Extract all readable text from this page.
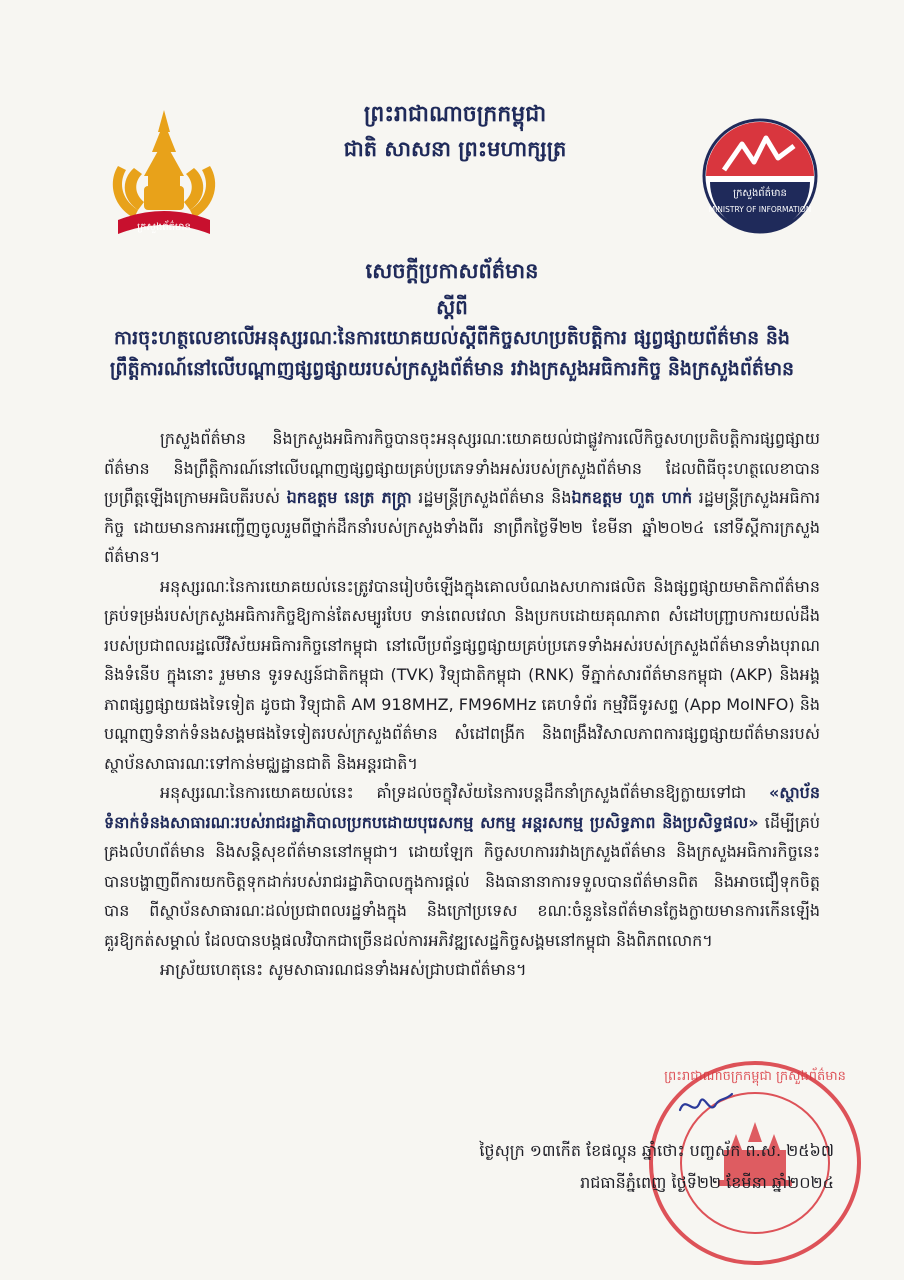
ក្រសួងព័ត៌មាន
ព្រះរាជាណាចក្រកម្ពុជា
ជាតិ សាសនា ព្រះមហាក្សត្រ
ក្រសួងព័ត៌មាន
MINISTRY OF INFORMATION
សេចក្តីប្រកាសព័ត៌មាន
ស្តីពី
ការចុះហត្ថលេខាលើអនុស្សរណៈនៃការយោគយល់ស្តីពីកិច្ចសហប្រតិបត្តិការ ផ្សព្វផ្សាយព័ត៌មាន និងព្រឹត្តិការណ៍នៅលើបណ្តាញផ្សព្វផ្សាយរបស់ក្រសួងព័ត៌មាន រវាងក្រសួងអធិការកិច្ច និងក្រសួងព័ត៌មាន

ក្រសួងព័ត៌មាន និងក្រសួងអធិការកិច្ចបានចុះអនុស្សរណៈយោគយល់ជាផ្លូវការលើកិច្ចសហប្រតិបត្តិការផ្សព្វផ្សាយព័ត៌មាន និងព្រឹត្តិការណ៍នៅលើបណ្តាញផ្សព្វផ្សាយគ្រប់ប្រភេទទាំងអស់របស់ក្រសួងព័ត៌មាន ដែលពិធីចុះហត្ថលេខាបានប្រព្រឹត្តឡើងក្រោមអធិបតីរបស់ ឯកឧត្តម នេត្រ ភក្ត្រា រដ្ឋមន្ត្រីក្រសួងព័ត៌មាន និងឯកឧត្តម ហួត ហាក់ រដ្ឋមន្ត្រីក្រសួងអធិការកិច្ច ដោយមានការអញ្ជើញចូលរួមពីថ្នាក់ដឹកនាំរបស់ក្រសួងទាំងពីរ នាព្រឹកថ្ងៃទី២២ ខែមីនា ឆ្នាំ២០២៤ នៅទីស្តីការក្រសួងព័ត៌មាន។

អនុស្សរណៈនៃការយោគយល់នេះត្រូវបានរៀបចំឡើងក្នុងគោលបំណងសហការផលិត និងផ្សព្វផ្សាយមាតិកាព័ត៌មានគ្រប់ទម្រង់របស់ក្រសួងអធិការកិច្ចឱ្យកាន់តែសម្បូរបែប ទាន់ពេលវេលា និងប្រកបដោយគុណភាព សំដៅបញ្ជ្រាបការយល់ដឹងរបស់ប្រជាពលរដ្ឋលើវិស័យអធិការកិច្ចនៅកម្ពុជា នៅលើប្រព័ន្ធផ្សព្វផ្សាយគ្រប់ប្រភេទទាំងអស់របស់ក្រសួងព័ត៌មានទាំងបុរាណ និងទំនើប ក្នុងនោះ រួមមាន ទូរទស្សន៍ជាតិកម្ពុជា (TVK) វិទ្យុជាតិកម្ពុជា (RNK) ទីភ្នាក់សារព័ត៌មានកម្ពុជា (AKP) និងអង្គភាពផ្សព្វផ្សាយផងទៃទៀត ដូចជា វិទ្យុជាតិ AM 918MHZ, FM96MHz គេហទំព័រ កម្មវិធីទូរសព្ទ (App MoINFO) និងបណ្តាញទំនាក់ទំនងសង្គមផងទៃទៀតរបស់ក្រសួងព័ត៌មាន សំដៅពង្រីក និងពង្រឹងវិសាលភាពការផ្សព្វផ្សាយព័ត៌មានរបស់ស្ថាប័នសាធារណៈទៅកាន់មជ្ឈដ្ឋានជាតិ និងអន្តរជាតិ។

អនុស្សរណៈនៃការយោគយល់នេះ គាំទ្រដល់ចក្ខុវិស័យនៃការបន្តដឹកនាំក្រសួងព័ត៌មានឱ្យក្លាយទៅជា «ស្ថាប័នទំនាក់ទំនងសាធារណៈរបស់រាជរដ្ឋាភិបាលប្រកបដោយបុរេសកម្ម សកម្ម អន្តរសកម្ម ប្រសិទ្ធភាព និងប្រសិទ្ធផល» ដើម្បីគ្រប់គ្រងលំហព័ត៌មាន និងសន្តិសុខព័ត៌មាននៅកម្ពុជា។ ដោយឡែក កិច្ចសហការរវាងក្រសួងព័ត៌មាន និងក្រសួងអធិការកិច្ចនេះ បានបង្ហាញពីការយកចិត្តទុកដាក់របស់រាជរដ្ឋាភិបាលក្នុងការផ្តល់ និងធានានាការទទួលបានព័ត៌មានពិត និងអាចជឿទុកចិត្តបាន ពីស្ថាប័នសាធារណៈដល់ប្រជាពលរដ្ឋទាំងក្នុង និងក្រៅប្រទេស ខណៈចំនួននៃព័ត៌មានក្លែងក្លាយមានការកើនឡើងគួរឱ្យកត់សម្គាល់ ដែលបានបង្កផលវិបាកជាច្រើនដល់ការអភិវឌ្ឍសេដ្ឋកិច្ចសង្គមនៅកម្ពុជា និងពិភពលោក។

អាស្រ័យហេតុនេះ សូមសាធារណជនទាំងអស់ជ្រាបជាព័ត៌មាន។

ព្រះរាជាណាចក្រកម្ពុជា ក្រសួងព័ត៌មាន
ថ្ងៃសុក្រ ១៣កើត ខែផល្គុន ឆ្នាំថោះ បញ្ចស័ក ព.ស. ២៥៦៧
រាជធានីភ្នំពេញ ថ្ងៃទី២២ ខែមីនា ឆ្នាំ២០២៤
